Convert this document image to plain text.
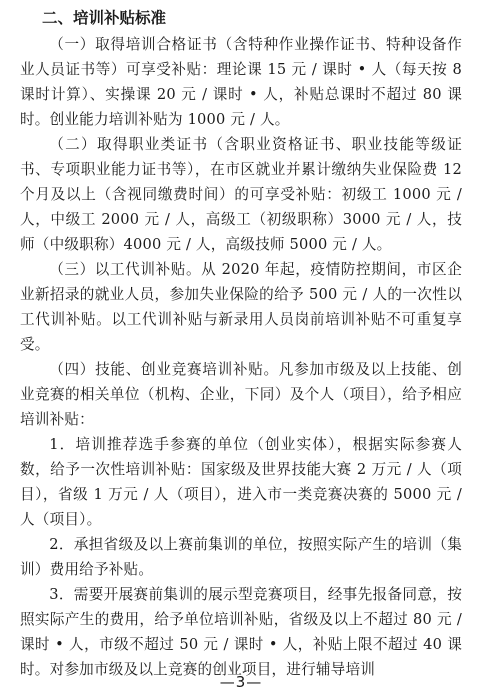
二、培训补贴标准

（一）取得培训合格证书（含特种作业操作证书、特种设备作业人员证书等）可享受补贴：理论课 15 元 / 课时 • 人（每天按 8 课时计算）、实操课 20 元 / 课时 • 人，补贴总课时不超过 80 课时。创业能力培训补贴为 1000 元 / 人。

（二）取得职业类证书（含职业资格证书、职业技能等级证书、专项职业能力证书等），在市区就业并累计缴纳失业保险费 12 个月及以上（含视同缴费时间）的可享受补贴：初级工 1000 元 / 人，中级工 2000 元 / 人，高级工（初级职称）3000 元 / 人，技师（中级职称）4000 元 / 人，高级技师 5000 元 / 人。

（三）以工代训补贴。从 2020 年起，疫情防控期间，市区企业新招录的就业人员，参加失业保险的给予 500 元 / 人的一次性以工代训补贴。以工代训补贴与新录用人员岗前培训补贴不可重复享受。

（四）技能、创业竞赛培训补贴。凡参加市级及以上技能、创业竞赛的相关单位（机构、企业，下同）及个人（项目），给予相应培训补贴：

1．培训推荐选手参赛的单位（创业实体），根据实际参赛人数，给予一次性培训补贴：国家级及世界技能大赛 2 万元 / 人（项目），省级 1 万元 / 人（项目），进入市一类竞赛决赛的 5000 元 / 人（项目）。

2．承担省级及以上赛前集训的单位，按照实际产生的培训（集训）费用给予补贴。

3．需要开展赛前集训的展示型竞赛项目，经事先报备同意，按照实际产生的费用，给予单位培训补贴，省级及以上不超过 80 元 / 课时 • 人，市级不超过 50 元 / 课时 • 人，补贴上限不超过 40 课时。对参加市级及以上竞赛的创业项目，进行辅导培训

—3—
